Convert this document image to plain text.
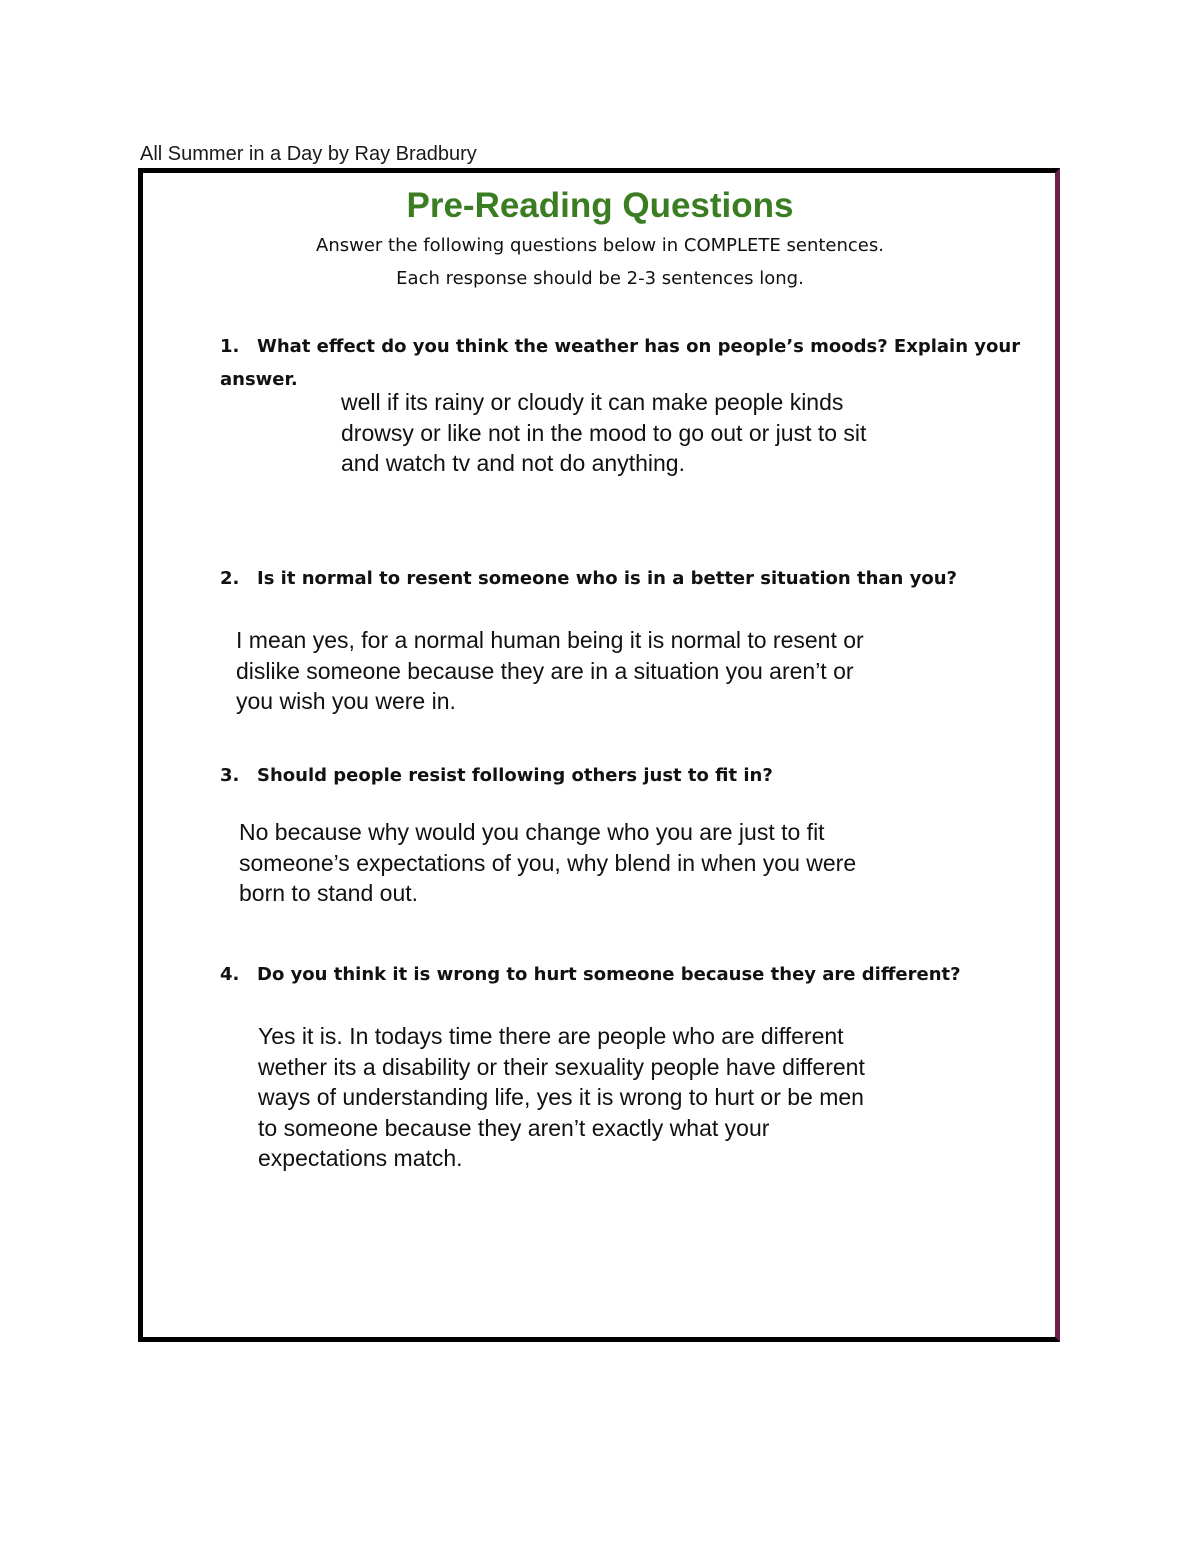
All Summer in a Day by Ray Bradbury
Pre-Reading Questions
Answer the following questions below in COMPLETE sentences.
Each response should be 2-3 sentences long.
1. What effect do you think the weather has on people’s moods? Explain your
answer.
well if its rainy or cloudy it can make people kinds
drowsy or like not in the mood to go out or just to sit
and watch tv and not do anything.
2. Is it normal to resent someone who is in a better situation than you?
I mean yes, for a normal human being it is normal to resent or
dislike someone because they are in a situation you aren’t or
you wish you were in.
3. Should people resist following others just to fit in?
No because why would you change who you are just to fit
someone’s expectations of you, why blend in when you were
born to stand out.
4. Do you think it is wrong to hurt someone because they are different?
Yes it is. In todays time there are people who are different
wether its a disability or their sexuality people have different
ways of understanding life, yes it is wrong to hurt or be men
to someone because they aren’t exactly what your
expectations match.
